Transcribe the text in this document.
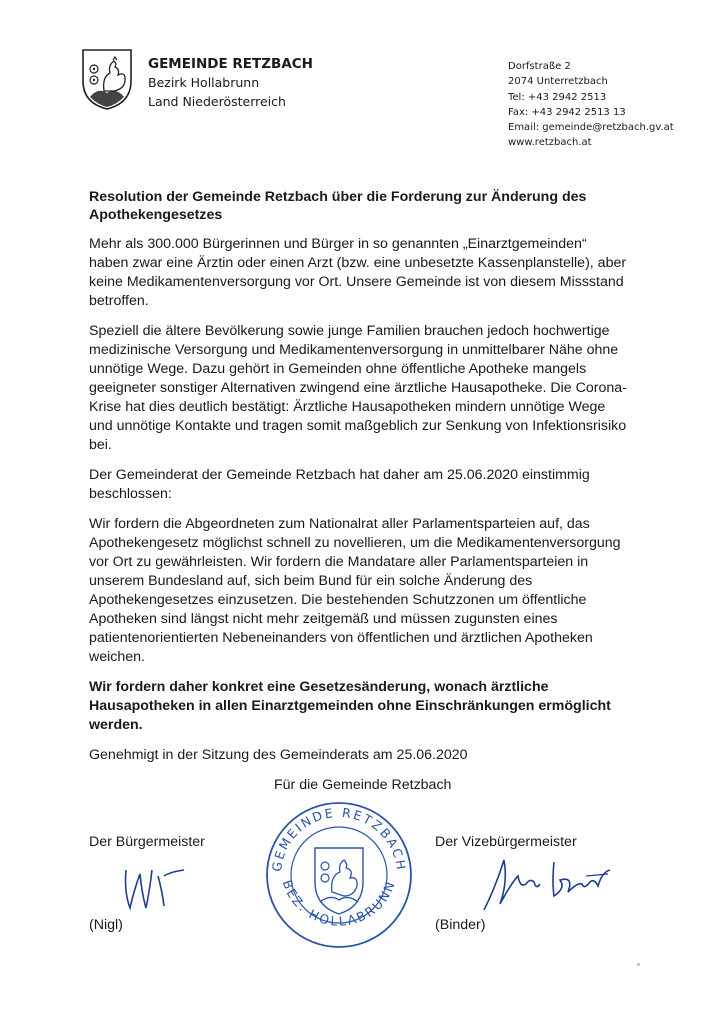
GEMEINDE RETZBACH
Bezirk Hollabrunn
Land Niederösterreich
Dorfstraße 2
2074 Unterretzbach
Tel: +43 2942 2513
Fax: +43 2942 2513 13
Email: gemeinde@retzbach.gv.at
www.retzbach.at
Resolution der Gemeinde Retzbach über die Forderung zur Änderung des Apothekengesetzes
Mehr als 300.000 Bürgerinnen und Bürger in so genannten „Einarztgemeinden“ haben zwar eine Ärztin oder einen Arzt (bzw. eine unbesetzte Kassenplanstelle), aber keine Medikamentenversorgung vor Ort. Unsere Gemeinde ist von diesem Missstand betroffen.
Speziell die ältere Bevölkerung sowie junge Familien brauchen jedoch hochwertige medizinische Versorgung und Medikamentenversorgung in unmittelbarer Nähe ohne unnötige Wege. Dazu gehört in Gemeinden ohne öffentliche Apotheke mangels geeigneter sonstiger Alternativen zwingend eine ärztliche Hausapotheke. Die Corona-Krise hat dies deutlich bestätigt: Ärztliche Hausapotheken mindern unnötige Wege und unnötige Kontakte und tragen somit maßgeblich zur Senkung von Infektionsrisiko bei.
Der Gemeinderat der Gemeinde Retzbach hat daher am 25.06.2020 einstimmig beschlossen:
Wir fordern die Abgeordneten zum Nationalrat aller Parlamentsparteien auf, das Apothekengesetz möglichst schnell zu novellieren, um die Medikamentenversorgung vor Ort zu gewährleisten. Wir fordern die Mandatare aller Parlamentsparteien in unserem Bundesland auf, sich beim Bund für ein solche Änderung des Apothekengesetzes einzusetzen. Die bestehenden Schutzzonen um öffentliche Apotheken sind längst nicht mehr zeitgemäß und müssen zugunsten eines patientenorientierten Nebeneinanders von öffentlichen und ärztlichen Apotheken weichen.
Wir fordern daher konkret eine Gesetzesänderung, wonach ärztliche Hausapotheken in allen Einarztgemeinden ohne Einschränkungen ermöglicht werden.
Genehmigt in der Sitzung des Gemeinderats am 25.06.2020
Für die Gemeinde Retzbach
Der Bürgermeister	Der Vizebürgermeister
(Nigl)	(Binder)
GEMEINDE RETZBACH
BEZ. HOLLABRUNN
